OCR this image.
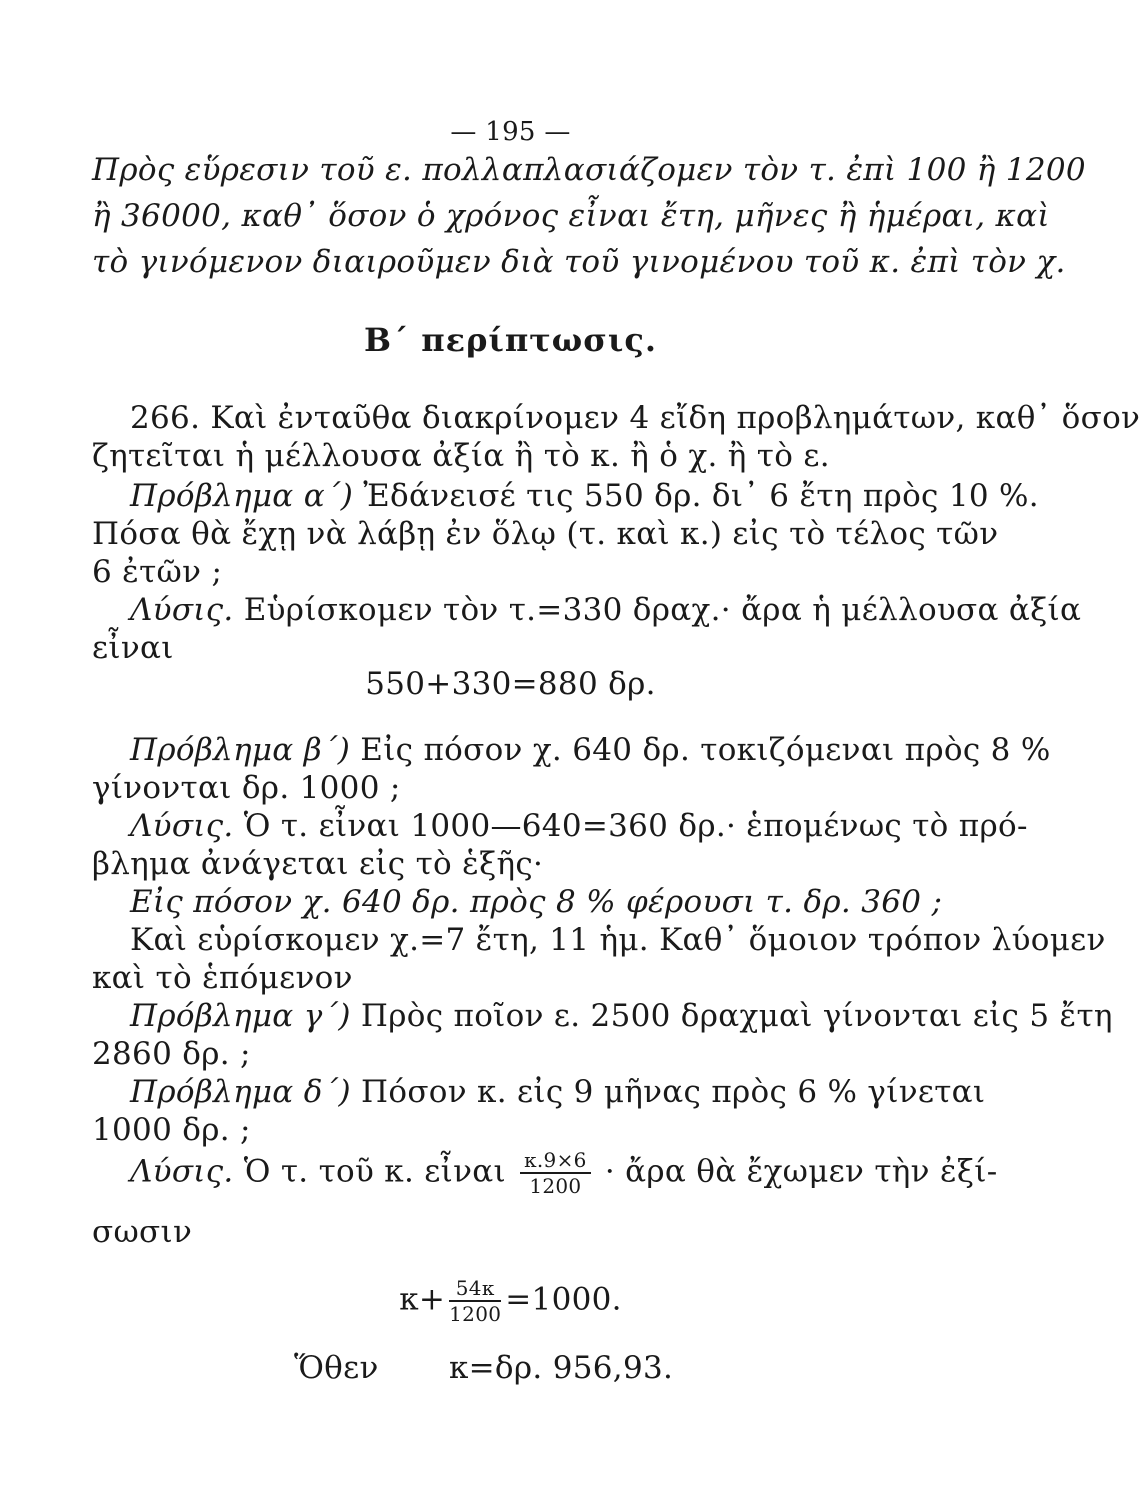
— 195 —
Πρὸς εὕρεσιν τοῦ ε. πολλαπλασιάζομεν τὸν τ. ἐπὶ 100 ἢ 1200
ἢ 36000, καθ᾽ ὅσον ὁ χρόνος εἶναι ἔτη, μῆνες ἢ ἡμέραι, καὶ
τὸ γινόμενον διαιροῦμεν διὰ τοῦ γινομένου τοῦ κ. ἐπὶ τὸν χ.
Β΄ περίπτωσις.
266. Καὶ ἐνταῦθα διακρίνομεν 4 εἴδη προβλημάτων, καθ᾽ ὅσον
ζητεῖται ἡ μέλλουσα ἀξία ἢ τὸ κ. ἢ ὁ χ. ἢ τὸ ε.
Πρόβλημα α΄) Ἐδάνεισέ τις 550 δρ. δι᾽ 6 ἔτη πρὸς 10 %.
Πόσα θὰ ἔχῃ νὰ λάβῃ ἐν ὅλῳ (τ. καὶ κ.) εἰς τὸ τέλος τῶν
6 ἐτῶν ;
Λύσις. Εὑρίσκομεν τὸν τ.=330 δραχ.· ἄρα ἡ μέλλουσα ἀξία
εἶναι
550+330=880 δρ.
Πρόβλημα β΄) Εἰς πόσον χ. 640 δρ. τοκιζόμεναι πρὸς 8 %
γίνονται δρ. 1000 ;
Λύσις. Ὁ τ. εἶναι 1000—640=360 δρ.· ἑπομένως τὸ πρό-
βλημα ἀνάγεται εἰς τὸ ἑξῆς·
Εἰς πόσον χ. 640 δρ. πρὸς 8 % φέρουσι τ. δρ. 360 ;
Καὶ εὑρίσκομεν χ.=7 ἔτη, 11 ἡμ. Καθ᾽ ὅμοιον τρόπον λύομεν
καὶ τὸ ἑπόμενον
Πρόβλημα γ΄) Πρὸς ποῖον ε. 2500 δραχμαὶ γίνονται εἰς 5 ἔτη
2860 δρ. ;
Πρόβλημα δ΄) Πόσον κ. εἰς 9 μῆνας πρὸς 6 % γίνεται
1000 δρ. ;
Λύσις. Ὁ τ. τοῦ κ. εἶναι $\frac{\kappa.9\times 6}{1200}$ · ἄρα θὰ ἔχωμεν τὴν ἐξί-
σωσιν
$\kappa+ \frac{54\kappa}{1200} =1000$.
Ὅθεν κ=δρ. 956,93.
